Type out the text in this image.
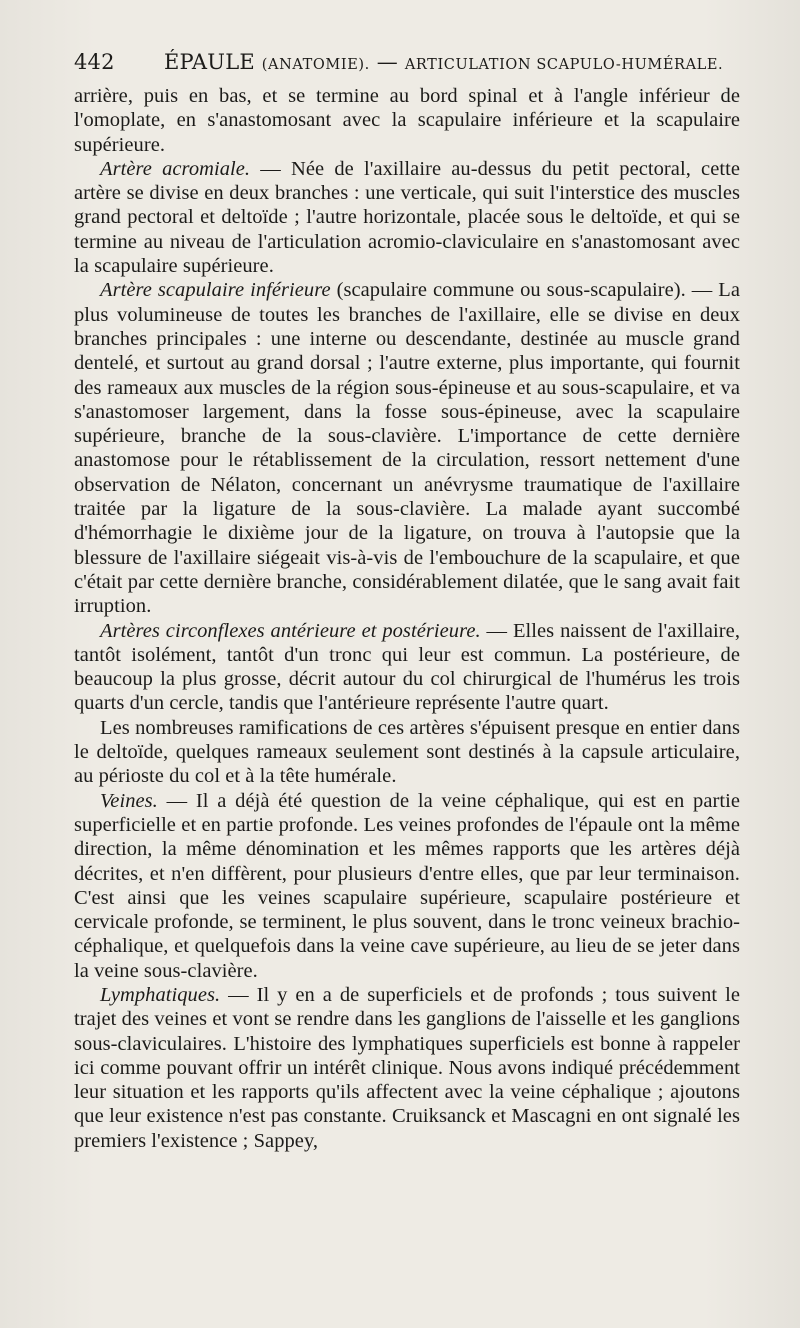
442 ÉPAULE (ANATOMIE). — ARTICULATION SCAPULO-HUMÉRALE.

arrière, puis en bas, et se termine au bord spinal et à l'angle inférieur de l'omoplate, en s'anastomosant avec la scapulaire inférieure et la scapulaire supérieure.

Artère acromiale. — Née de l'axillaire au-dessus du petit pectoral, cette artère se divise en deux branches : une verticale, qui suit l'interstice des muscles grand pectoral et deltoïde ; l'autre horizontale, placée sous le deltoïde, et qui se termine au niveau de l'articulation acromio-claviculaire en s'anastomosant avec la scapulaire supérieure.

Artère scapulaire inférieure (scapulaire commune ou sous-scapulaire). — La plus volumineuse de toutes les branches de l'axillaire, elle se divise en deux branches principales : une interne ou descendante, destinée au muscle grand dentelé, et surtout au grand dorsal ; l'autre externe, plus importante, qui fournit des rameaux aux muscles de la région sous-épineuse et au sous-scapulaire, et va s'anastomoser largement, dans la fosse sous-épineuse, avec la scapulaire supérieure, branche de la sous-clavière. L'importance de cette dernière anastomose pour le rétablissement de la circulation, ressort nettement d'une observation de Nélaton, concernant un anévrysme traumatique de l'axillaire traitée par la ligature de la sous-clavière. La malade ayant succombé d'hémorrhagie le dixième jour de la ligature, on trouva à l'autopsie que la blessure de l'axillaire siégeait vis-à-vis de l'embouchure de la scapulaire, et que c'était par cette dernière branche, considérablement dilatée, que le sang avait fait irruption.

Artères circonflexes antérieure et postérieure. — Elles naissent de l'axillaire, tantôt isolément, tantôt d'un tronc qui leur est commun. La postérieure, de beaucoup la plus grosse, décrit autour du col chirurgical de l'humérus les trois quarts d'un cercle, tandis que l'antérieure représente l'autre quart.

Les nombreuses ramifications de ces artères s'épuisent presque en entier dans le deltoïde, quelques rameaux seulement sont destinés à la capsule articulaire, au périoste du col et à la tête humérale.

Veines. — Il a déjà été question de la veine céphalique, qui est en partie superficielle et en partie profonde. Les veines profondes de l'épaule ont la même direction, la même dénomination et les mêmes rapports que les artères déjà décrites, et n'en diffèrent, pour plusieurs d'entre elles, que par leur terminaison. C'est ainsi que les veines scapulaire supérieure, scapulaire postérieure et cervicale profonde, se terminent, le plus souvent, dans le tronc veineux brachio-céphalique, et quelquefois dans la veine cave supérieure, au lieu de se jeter dans la veine sous-clavière.

Lymphatiques. — Il y en a de superficiels et de profonds ; tous suivent le trajet des veines et vont se rendre dans les ganglions de l'aisselle et les ganglions sous-claviculaires. L'histoire des lymphatiques superficiels est bonne à rappeler ici comme pouvant offrir un intérêt clinique. Nous avons indiqué précédemment leur situation et les rapports qu'ils affectent avec la veine céphalique ; ajoutons que leur existence n'est pas constante. Cruiksanck et Mascagni en ont signalé les premiers l'existence ; Sappey,
